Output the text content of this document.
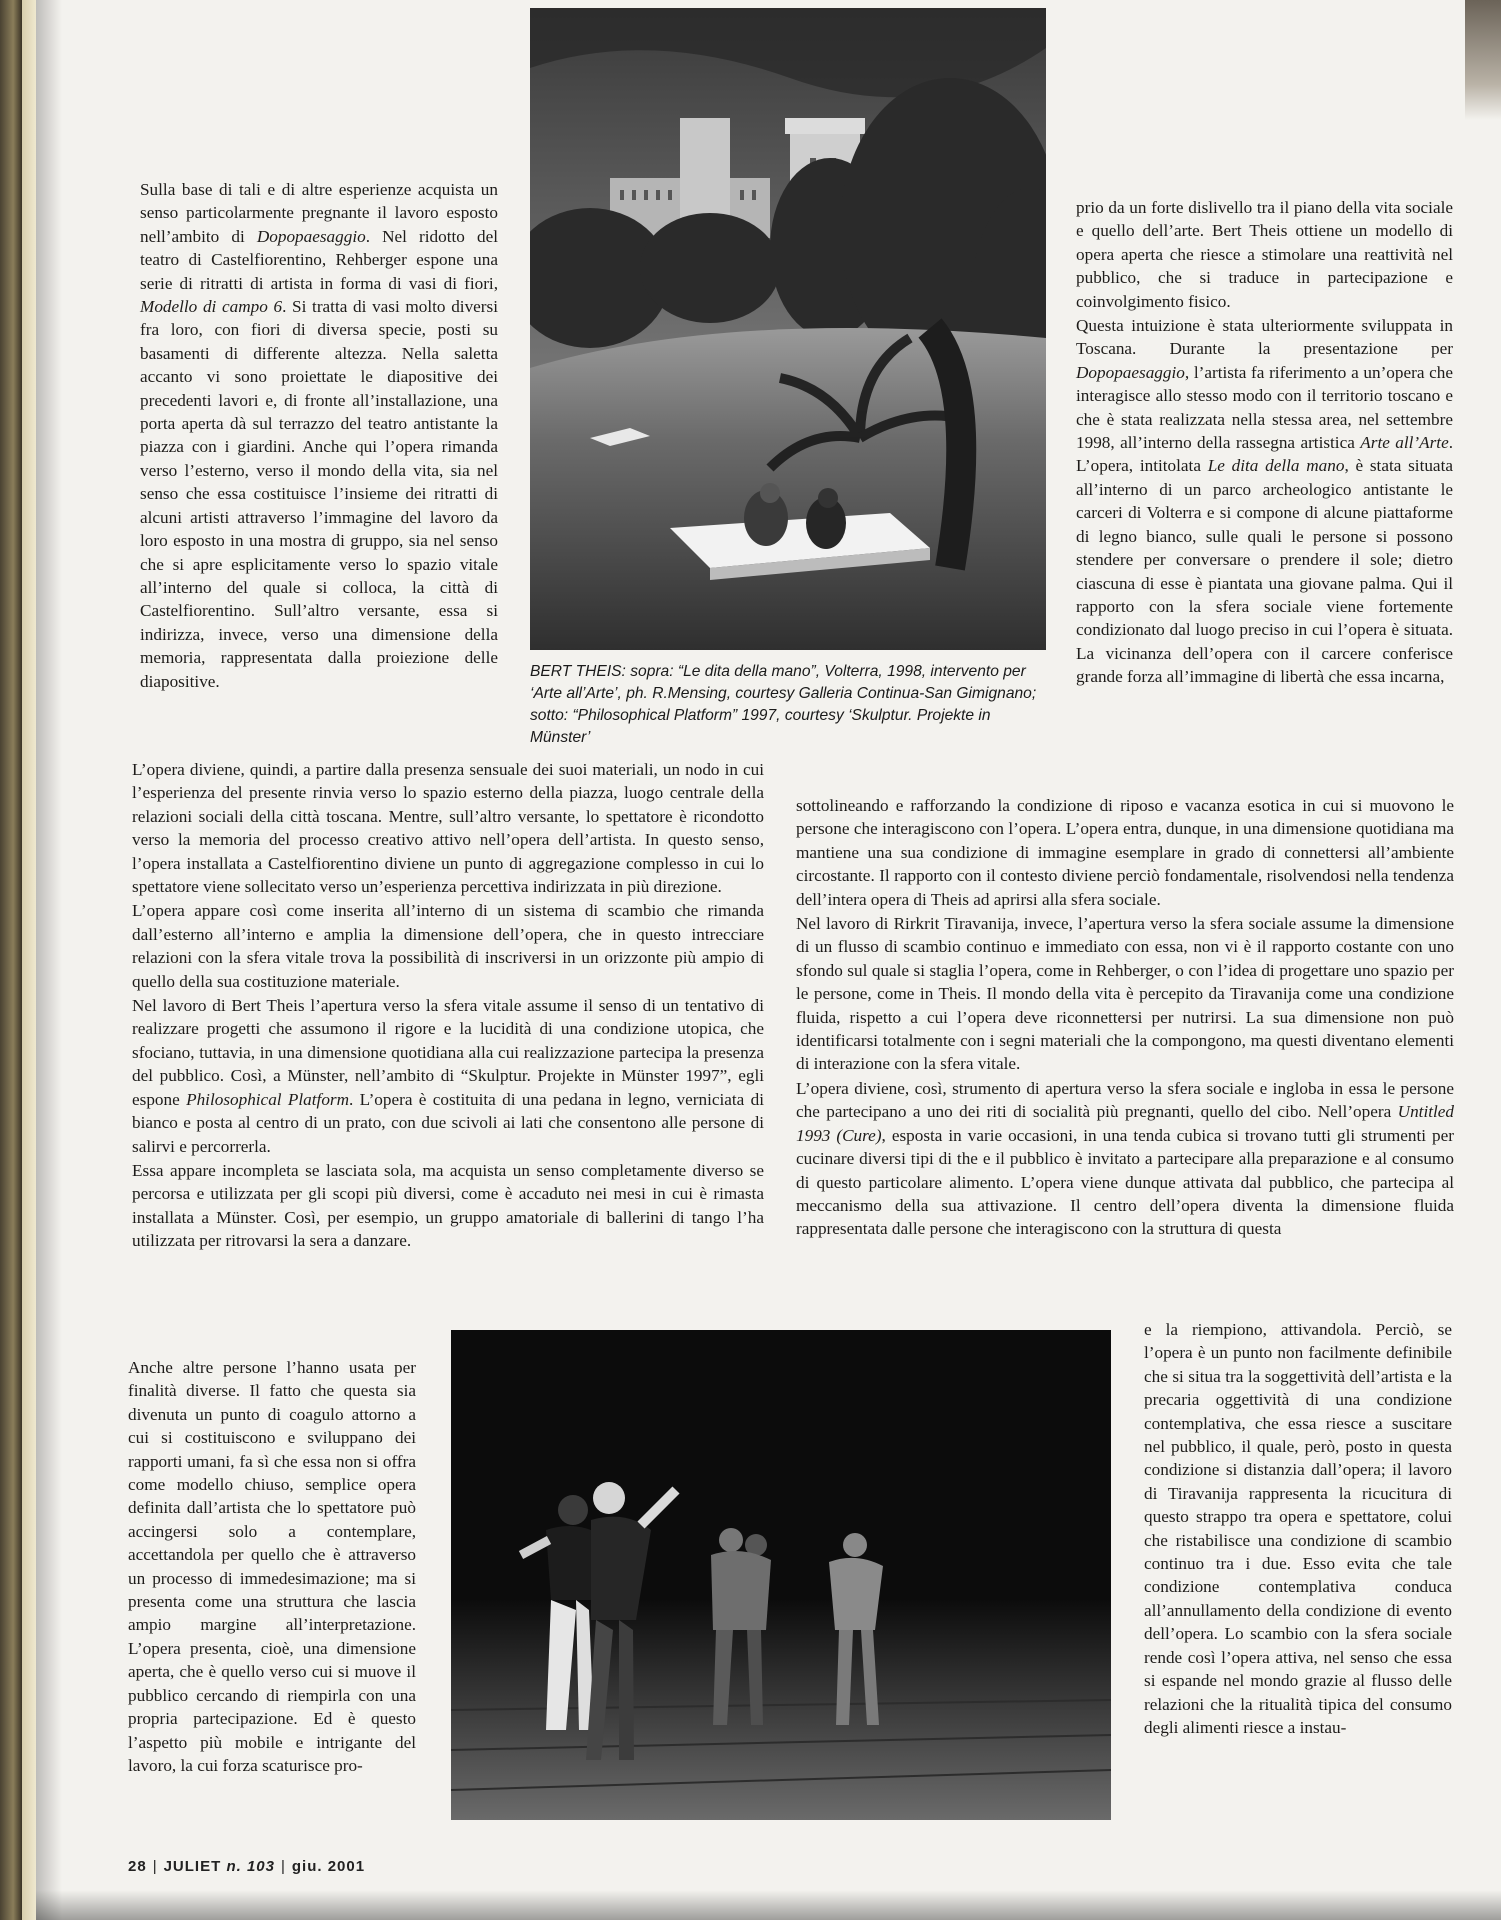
BERT THEIS: sopra: “Le dita della mano”, Volterra, 1998, intervento per ‘Arte all’Arte’, ph. R.Mensing, courtesy Galleria Continua-San Gimignano; sotto: “Philosophical Platform” 1997, courtesy ‘Skulptur. Projekte in Münster’

Sulla base di tali e di altre esperienze acquista un senso particolarmente pregnante il lavoro esposto nell’ambito di Dopopaesaggio. Nel ridotto del teatro di Castelfiorentino, Rehberger espone una serie di ritratti di artista in forma di vasi di fiori, Modello di campo 6. Si tratta di vasi molto diversi fra loro, con fiori di diversa specie, posti su basamenti di differente altezza. Nella saletta accanto vi sono proiettate le diapositive dei precedenti lavori e, di fronte all’installazione, una porta aperta dà sul terrazzo del teatro antistante la piazza con i giardini. Anche qui l’opera rimanda verso l’esterno, verso il mondo della vita, sia nel senso che essa costituisce l’insieme dei ritratti di alcuni artisti attraverso l’immagine del lavoro da loro esposto in una mostra di gruppo, sia nel senso che si apre esplicitamente verso lo spazio vitale all’interno del quale si colloca, la città di Castelfiorentino. Sull’altro versante, essa si indirizza, invece, verso una dimensione della memoria, rappresentata dalla proiezione delle diapositive.

L’opera diviene, quindi, a partire dalla presenza sensuale dei suoi materiali, un nodo in cui l’esperienza del presente rinvia verso lo spazio esterno della piazza, luogo centrale della relazioni sociali della città toscana. Mentre, sull’altro versante, lo spettatore è ricondotto verso la memoria del processo creativo attivo nell’opera dell’artista. In questo senso, l’opera installata a Castelfiorentino diviene un punto di aggregazione complesso in cui lo spettatore viene sollecitato verso un’esperienza percettiva indirizzata in più direzione.

L’opera appare così come inserita all’interno di un sistema di scambio che rimanda dall’esterno all’interno e amplia la dimensione dell’opera, che in questo intrecciare relazioni con la sfera vitale trova la possibilità di inscriversi in un orizzonte più ampio di quello della sua costituzione materiale.

Nel lavoro di Bert Theis l’apertura verso la sfera vitale assume il senso di un tentativo di realizzare progetti che assumono il rigore e la lucidità di una condizione utopica, che sfociano, tuttavia, in una dimensione quotidiana alla cui realizzazione partecipa la presenza del pubblico. Così, a Münster, nell’ambito di “Skulptur. Projekte in Münster 1997”, egli espone Philosophical Platform. L’opera è costituita di una pedana in legno, verniciata di bianco e posta al centro di un prato, con due scivoli ai lati che consentono alle persone di salirvi e percorrerla.

Essa appare incompleta se lasciata sola, ma acquista un senso completamente diverso se percorsa e utilizzata per gli scopi più diversi, come è accaduto nei mesi in cui è rimasta installata a Münster. Così, per esempio, un gruppo amatoriale di ballerini di tango l’ha utilizzata per ritrovarsi la sera a danzare.

Anche altre persone l’hanno usata per finalità diverse. Il fatto che questa sia divenuta un punto di coagulo attorno a cui si costituiscono e sviluppano dei rapporti umani, fa sì che essa non si offra come modello chiuso, semplice opera definita dall’artista che lo spettatore può accingersi solo a contemplare, accettandola per quello che è attraverso un processo di immedesimazione; ma si presenta come una struttura che lascia ampio margine all’interpretazione. L’opera presenta, cioè, una dimensione aperta, che è quello verso cui si muove il pubblico cercando di riempirla con una propria partecipazione. Ed è questo l’aspetto più mobile e intrigante del lavoro, la cui forza scaturisce pro-

prio da un forte dislivello tra il piano della vita sociale e quello dell’arte. Bert Theis ottiene un modello di opera aperta che riesce a stimolare una reattività nel pubblico, che si traduce in partecipazione e coinvolgimento fisico.

Questa intuizione è stata ulteriormente sviluppata in Toscana. Durante la presentazione per Dopopaesaggio, l’artista fa riferimento a un’opera che interagisce allo stesso modo con il territorio toscano e che è stata realizzata nella stessa area, nel settembre 1998, all’interno della rassegna artistica Arte all’Arte. L’opera, intitolata Le dita della mano, è stata situata all’interno di un parco archeologico antistante le carceri di Volterra e si compone di alcune piattaforme di legno bianco, sulle quali le persone si possono stendere per conversare o prendere il sole; dietro ciascuna di esse è piantata una giovane palma. Qui il rapporto con la sfera sociale viene fortemente condizionato dal luogo preciso in cui l’opera è situata. La vicinanza dell’opera con il carcere conferisce grande forza all’immagine di libertà che essa incarna,

sottolineando e rafforzando la condizione di riposo e vacanza esotica in cui si muovono le persone che interagiscono con l’opera. L’opera entra, dunque, in una dimensione quotidiana ma mantiene una sua condizione di immagine esemplare in grado di connettersi all’ambiente circostante. Il rapporto con il contesto diviene perciò fondamentale, risolvendosi nella tendenza dell’intera opera di Theis ad aprirsi alla sfera sociale.

Nel lavoro di Rirkrit Tiravanija, invece, l’apertura verso la sfera sociale assume la dimensione di un flusso di scambio continuo e immediato con essa, non vi è il rapporto costante con uno sfondo sul quale si staglia l’opera, come in Rehberger, o con l’idea di progettare uno spazio per le persone, come in Theis. Il mondo della vita è percepito da Tiravanija come una condizione fluida, rispetto a cui l’opera deve riconnettersi per nutrirsi. La sua dimensione non può identificarsi totalmente con i segni materiali che la compongono, ma questi diventano elementi di interazione con la sfera vitale.

L’opera diviene, così, strumento di apertura verso la sfera sociale e ingloba in essa le persone che partecipano a uno dei riti di socialità più pregnanti, quello del cibo. Nell’opera Untitled 1993 (Cure), esposta in varie occasioni, in una tenda cubica si trovano tutti gli strumenti per cucinare diversi tipi di the e il pubblico è invitato a partecipare alla preparazione e al consumo di questo particolare alimento. L’opera viene dunque attivata dal pubblico, che partecipa al meccanismo della sua attivazione. Il centro dell’opera diventa la dimensione fluida rappresentata dalle persone che interagiscono con la struttura di questa

e la riempiono, attivandola. Perciò, se l’opera è un punto non facilmente definibile che si situa tra la soggettività dell’artista e la precaria oggettività di una condizione contemplativa, che essa riesce a suscitare nel pubblico, il quale, però, posto in questa condizione si distanzia dall’opera; il lavoro di Tiravanija rappresenta la ricucitura di questo strappo tra opera e spettatore, colui che ristabilisce una condizione di scambio continuo tra i due. Esso evita che tale condizione contemplativa conduca all’annullamento della condizione di evento dell’opera. Lo scambio con la sfera sociale rende così l’opera attiva, nel senso che essa si espande nel mondo grazie al flusso delle relazioni che la ritualità tipica del consumo degli alimenti riesce a instau-

28 | JULIET n. 103 | giu. 2001
